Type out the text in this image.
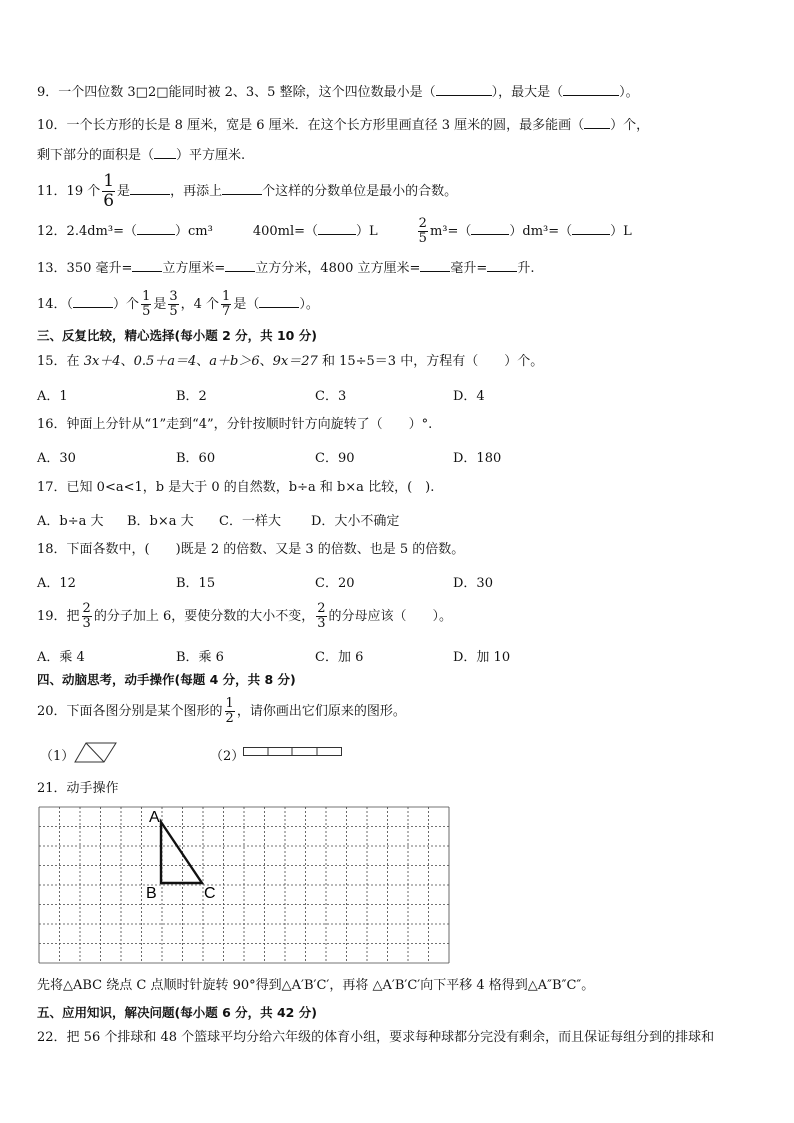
9．一个四位数 3□2□能同时被 2、3、5 整除，这个四位数最小是（	），最大是（	）。
10．一个长方形的长是 8 厘米，宽是 6 厘米．在这个长方形里画直径 3 厘米的圆，最多能画（ ）个，
剩下部分的面积是（ ）平方厘米.
11．19 个 $\frac{1}{6}$ 是	，再添上	个这样的分数单位是最小的合数。
12．2.4dm³=（	）cm³	400ml=（	）L	$\frac{2}{5} m^3=$（	）dm³=（	）L
13．350 毫升= 立方厘米= 立方分米，4800 立方厘米= 毫升= 升.
14．（	）个 $\frac{1}{5}$ 是 $\frac{3}{5}$ ，4 个 $\frac{1}{7}$ 是（	）。
三、反复比较，精心选择(每小题 2 分，共 10 分)
15．在 3x＋4、0.5＋a＝4、a＋b＞6、9x＝27 和 15÷5＝3 中，方程有（　　）个。
A．1	B．2	C．3	D．4
16．钟面上分针从“1”走到“4”，分针按顺时针方向旋转了（　　）°.
A．30	B．60	C．90	D．180
17．已知 0<a<1，b 是大于 0 的自然数，b÷a 和 b×a 比较，(　).
A．b÷a 大 B．b×a 大 C．一样大 D．大小不确定
18．下面各数中，(　　)既是 2 的倍数、又是 3 的倍数、也是 5 的倍数。
A．12	B．15	C．20	D．30
19．把 $\frac{2}{3}$ 的分子加上 6，要使分数的大小不变， $\frac{2}{3}$ 的分母应该（　　）。
A．乘 4	B．乘 6	C．加 6	D．加 10
四、动脑思考，动手操作(每题 4 分，共 8 分)
20．下面各图分别是某个图形的 $\frac{1}{2}$ ，请你画出它们原来的图形。
（1）	（2）
21．动手操作
A
B	C
先将△ABC 绕点 C 点顺时针旋转 90°得到△A′B′C′，再将 △A′B′C′向下平移 4 格得到△A″B″C″。
五、应用知识，解决问题(每小题 6 分，共 42 分)
22．把 56 个排球和 48 个篮球平均分给六年级的体育小组，要求每种球都分完没有剩余，而且保证每组分到的排球和
